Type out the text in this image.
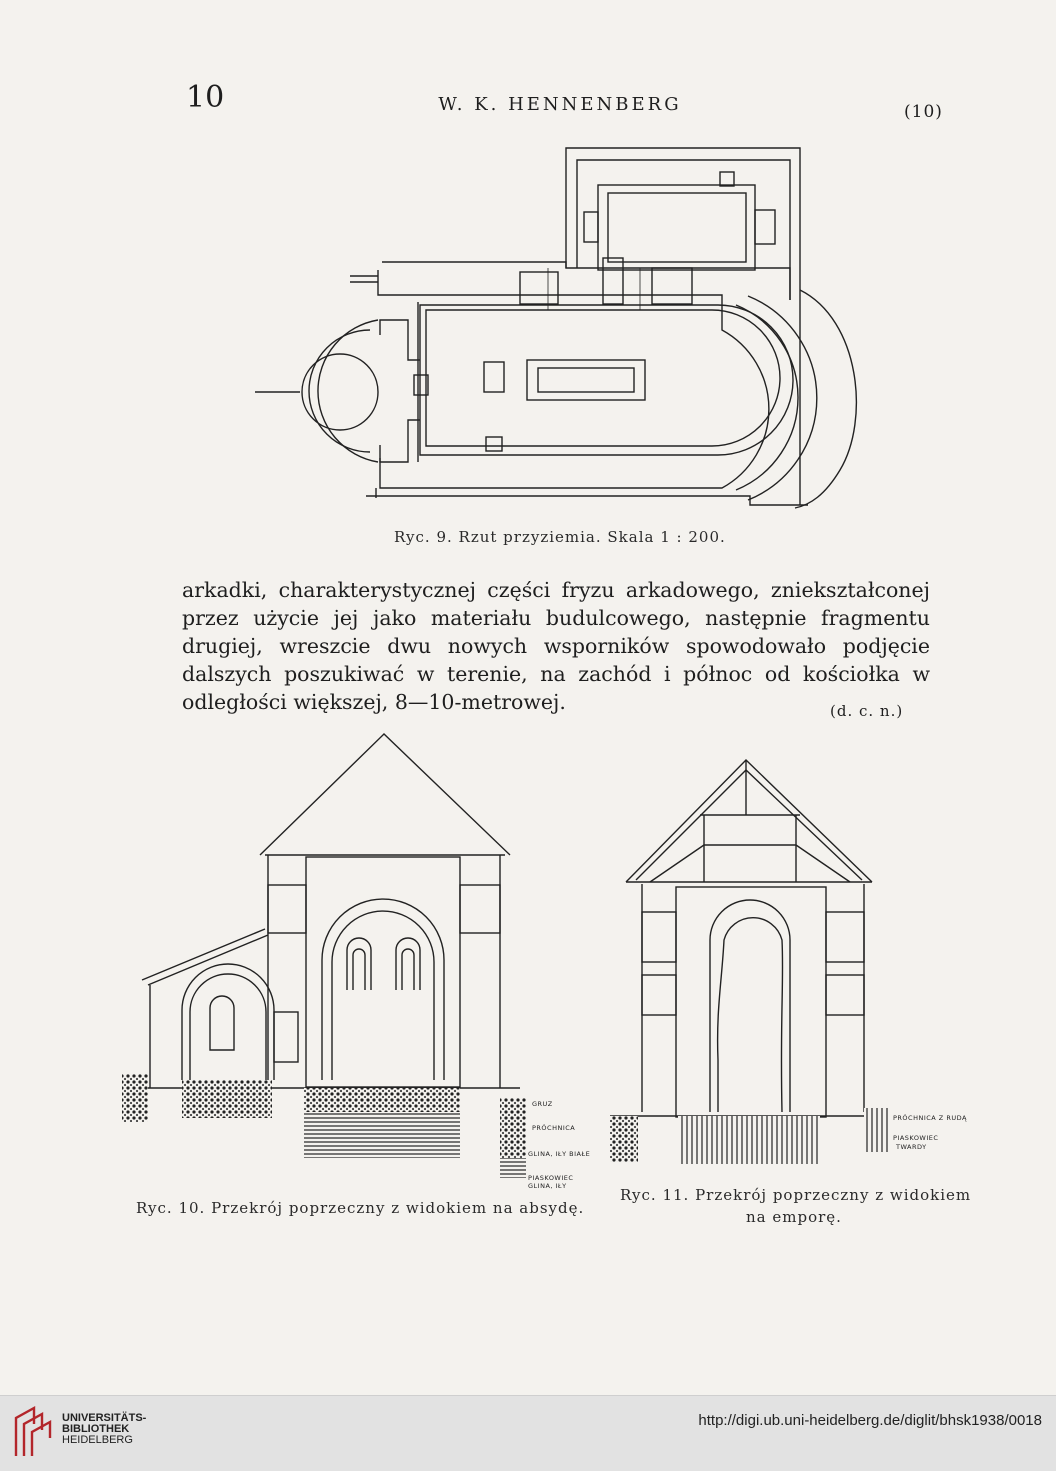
10	W. K. HENNENBERG	(10)
Ryc. 9. Rzut przyziemia. Skala 1 : 200.

arkadki, charakterystycznej części fryzu arkadowego, zniekształconej przez użycie jej jako materiału budulcowego, następnie fragmentu drugiej, wreszcie dwu nowych wsporników spowodowało podjęcie dalszych poszukiwać w terenie, na zachód i północ od kościołka w odległości większej, 8—10-metrowej.	(d. c. n.)
GRUZ
PRÓCHNICA
GLINA, IŁY BIAŁE
PIASKOWIEC
GLINA, IŁY
PRÓCHNICA Z RUDĄ
PIASKOWIEC
TWARDY
Ryc. 10. Przekrój poprzeczny z widokiem na absydę.
Ryc. 11. Przekrój poprzeczny z widokiem
na emporę.
UNIVERSITÄTS-
BIBLIOTHEK
HEIDELBERG
http://digi.ub.uni-heidelberg.de/diglit/bhsk1938/0018
